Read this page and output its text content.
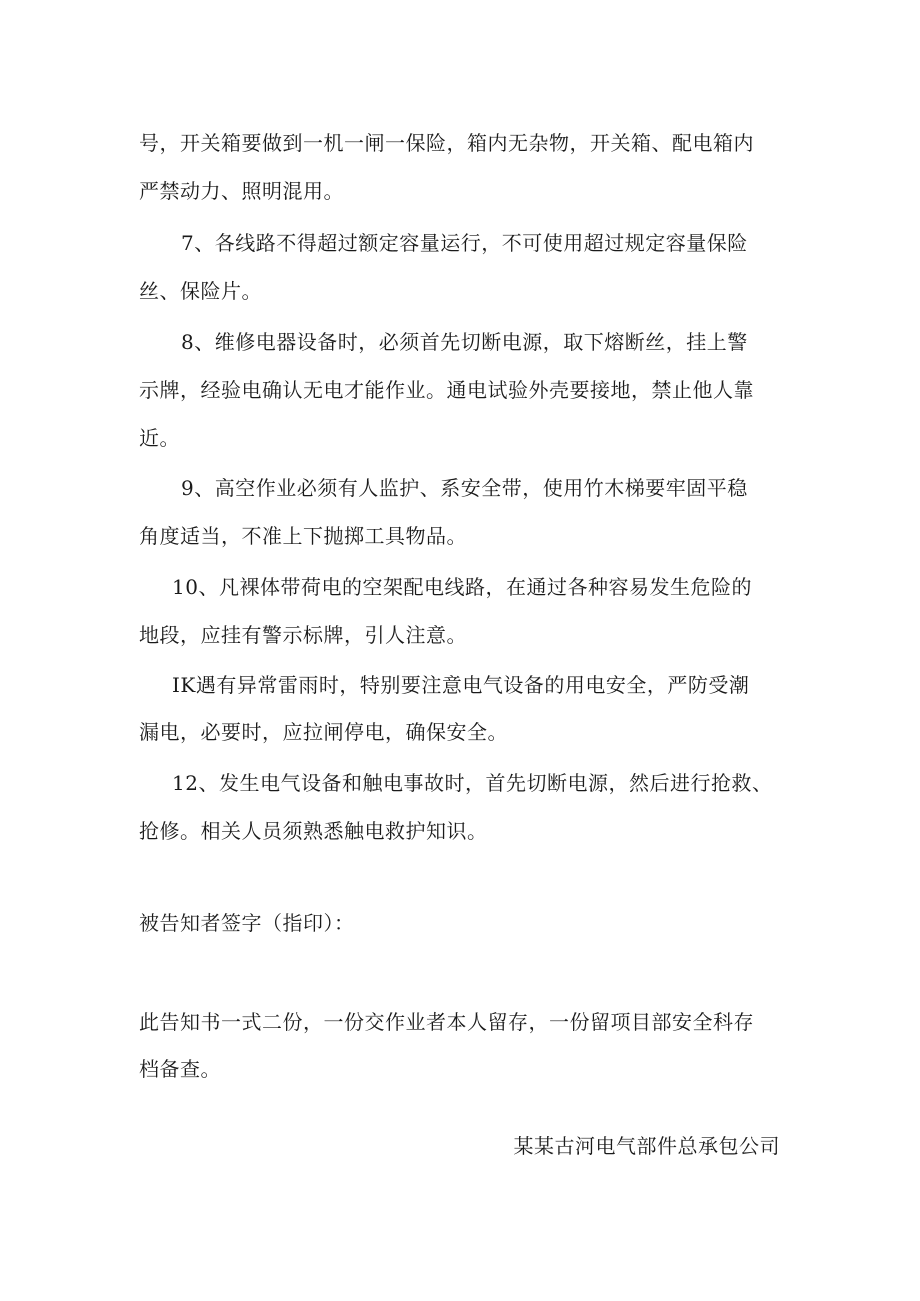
号，开关箱要做到一机一闸一保险，箱内无杂物，开关箱、配电箱内
严禁动力、照明混用。
7、各线路不得超过额定容量运行，不可使用超过规定容量保险
丝、保险片。
8、维修电器设备时，必须首先切断电源，取下熔断丝，挂上警
示牌，经验电确认无电才能作业。通电试验外壳要接地，禁止他人靠
近。
9、高空作业必须有人监护、系安全带，使用竹木梯要牢固平稳
角度适当，不准上下抛掷工具物品。
10、凡裸体带荷电的空架配电线路，在通过各种容易发生危险的
地段，应挂有警示标牌，引人注意。
IK遇有异常雷雨时，特别要注意电气设备的用电安全，严防受潮
漏电，必要时，应拉闸停电，确保安全。
12、发生电气设备和触电事故时，首先切断电源，然后进行抢救、
抢修。相关人员须熟悉触电救护知识。
被告知者签字（指印）：
此告知书一式二份，一份交作业者本人留存，一份留项目部安全科存
档备查。
某某古河电气部件总承包公司
